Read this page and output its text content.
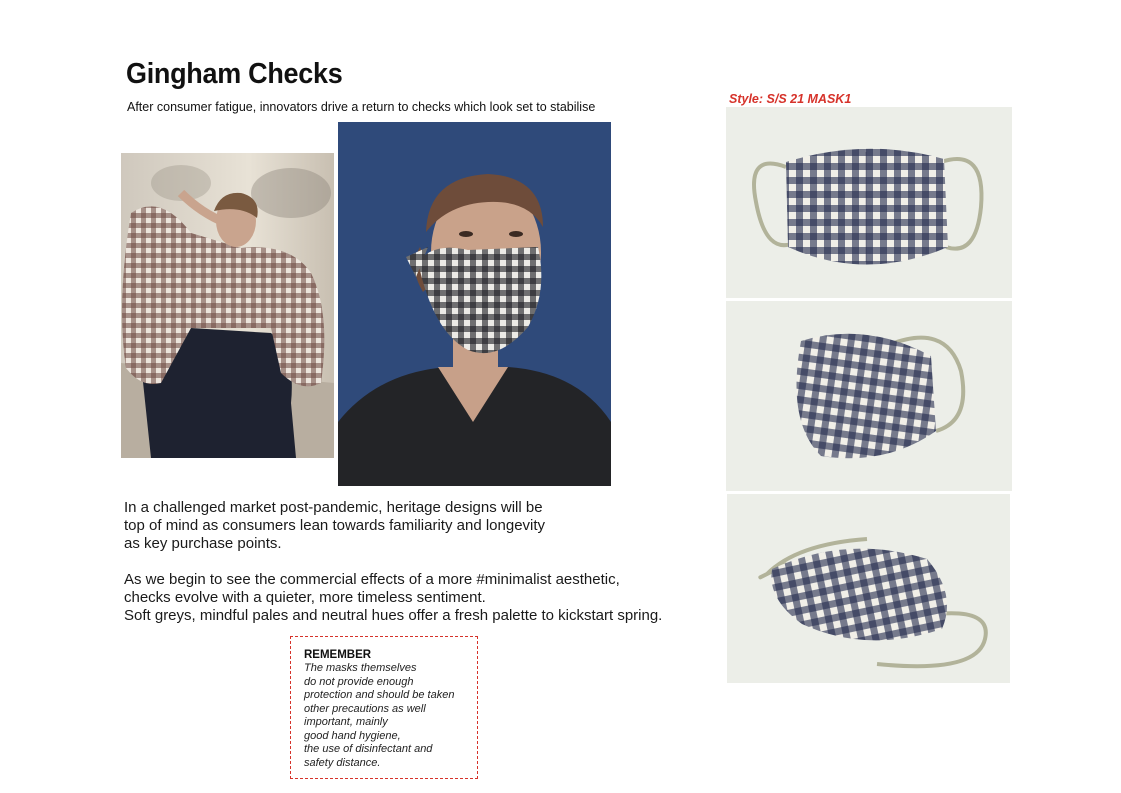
Gingham Checks
After consumer fatigue, innovators drive a return to checks which look set to stabilise
Style: S/S 21 MASK1

In a challenged market post-pandemic, heritage designs will be
top of mind as consumers lean towards familiarity and longevity
as key purchase points.

As we begin to see the commercial effects of a more #minimalist aesthetic,
checks evolve with a quieter, more timeless sentiment.
Soft greys, mindful pales and neutral hues offer a fresh palette to kickstart spring.

REMEMBER
The masks themselves
do not provide enough
protection and should be taken
other precautions as well
important, mainly
good hand hygiene,
the use of disinfectant and
safety distance.
